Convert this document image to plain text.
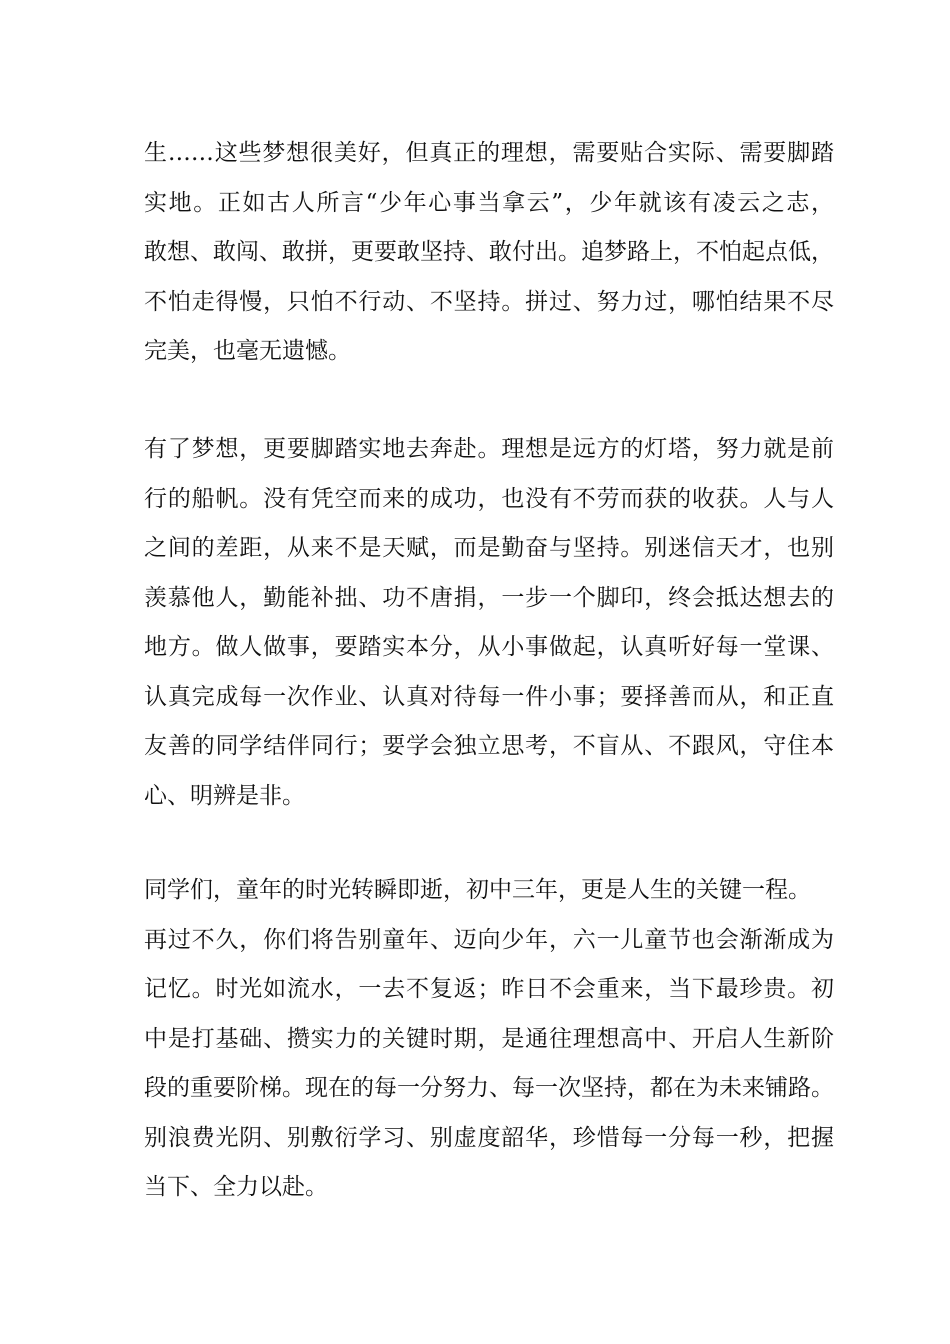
生……这些梦想很美好，但真正的理想，需要贴合实际、需要脚踏
实地。正如古人所言“少年心事当拿云”，少年就该有凌云之志，
敢想、敢闯、敢拼，更要敢坚持、敢付出。追梦路上，不怕起点低，
不怕走得慢，只怕不行动、不坚持。拼过、努力过，哪怕结果不尽
完美，也毫无遗憾。
有了梦想，更要脚踏实地去奔赴。理想是远方的灯塔，努力就是前
行的船帆。没有凭空而来的成功，也没有不劳而获的收获。人与人
之间的差距，从来不是天赋，而是勤奋与坚持。别迷信天才，也别
羡慕他人，勤能补拙、功不唐捐，一步一个脚印，终会抵达想去的
地方。做人做事，要踏实本分，从小事做起，认真听好每一堂课、
认真完成每一次作业、认真对待每一件小事；要择善而从，和正直
友善的同学结伴同行；要学会独立思考，不盲从、不跟风，守住本
心、明辨是非。
同学们，童年的时光转瞬即逝，初中三年，更是人生的关键一程。
再过不久，你们将告别童年、迈向少年，六一儿童节也会渐渐成为
记忆。时光如流水，一去不复返；昨日不会重来，当下最珍贵。初
中是打基础、攒实力的关键时期，是通往理想高中、开启人生新阶
段的重要阶梯。现在的每一分努力、每一次坚持，都在为未来铺路。
别浪费光阴、别敷衍学习、别虚度韶华，珍惜每一分每一秒，把握
当下、全力以赴。
